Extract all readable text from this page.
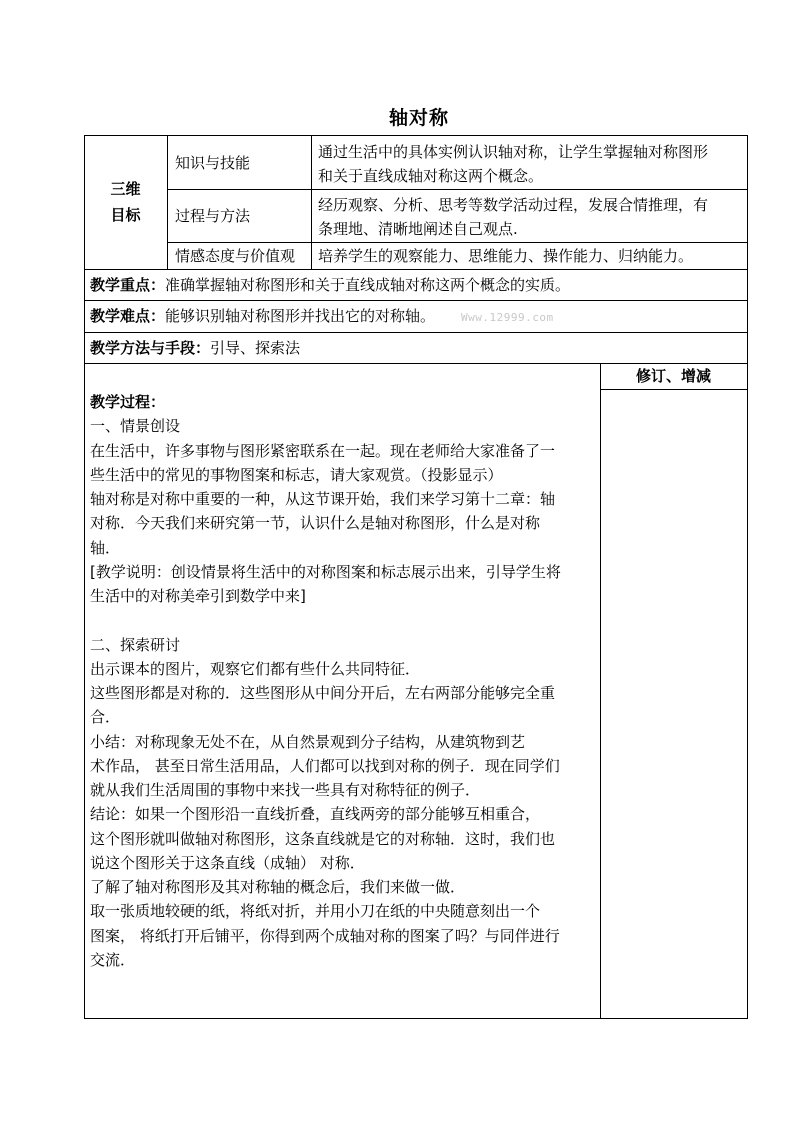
轴对称
三维
目标
知识与技能
通过生活中的具体实例认识轴对称，让学生掌握轴对称图形
和关于直线成轴对称这两个概念。
过程与方法
经历观察、分析、思考等数学活动过程，发展合情推理，有
条理地、清晰地阐述自己观点.
情感态度与价值观 培养学生的观察能力、思维能力、操作能力、归纳能力。
教学重点：准确掌握轴对称图形和关于直线成轴对称这两个概念的实质。
教学难点：能够识别轴对称图形并找出它的对称轴。 Www.12999.com
教学方法与手段：引导、探索法
修订、增减
教学过程：
一、情景创设
在生活中，许多事物与图形紧密联系在一起。现在老师给大家准备了一
些生活中的常见的事物图案和标志，请大家观赏。（投影显示）
轴对称是对称中重要的一种，从这节课开始，我们来学习第十二章：轴
对称．今天我们来研究第一节，认识什么是轴对称图形，什么是对称
轴．
[教学说明：创设情景将生活中的对称图案和标志展示出来，引导学生将
生活中的对称美牵引到数学中来]
二、探索研讨
出示课本的图片，观察它们都有些什么共同特征．
这些图形都是对称的．这些图形从中间分开后，左右两部分能够完全重
合．
小结：对称现象无处不在，从自然景观到分子结构，从建筑物到艺
术作品， 甚至日常生活用品，人们都可以找到对称的例子．现在同学们
就从我们生活周围的事物中来找一些具有对称特征的例子．
结论：如果一个图形沿一直线折叠，直线两旁的部分能够互相重合，
这个图形就叫做轴对称图形，这条直线就是它的对称轴．这时，我们也
说这个图形关于这条直线（成轴） 对称．
了解了轴对称图形及其对称轴的概念后，我们来做一做．
取一张质地较硬的纸，将纸对折，并用小刀在纸的中央随意刻出一个
图案， 将纸打开后铺平，你得到两个成轴对称的图案了吗？与同伴进行
交流．
